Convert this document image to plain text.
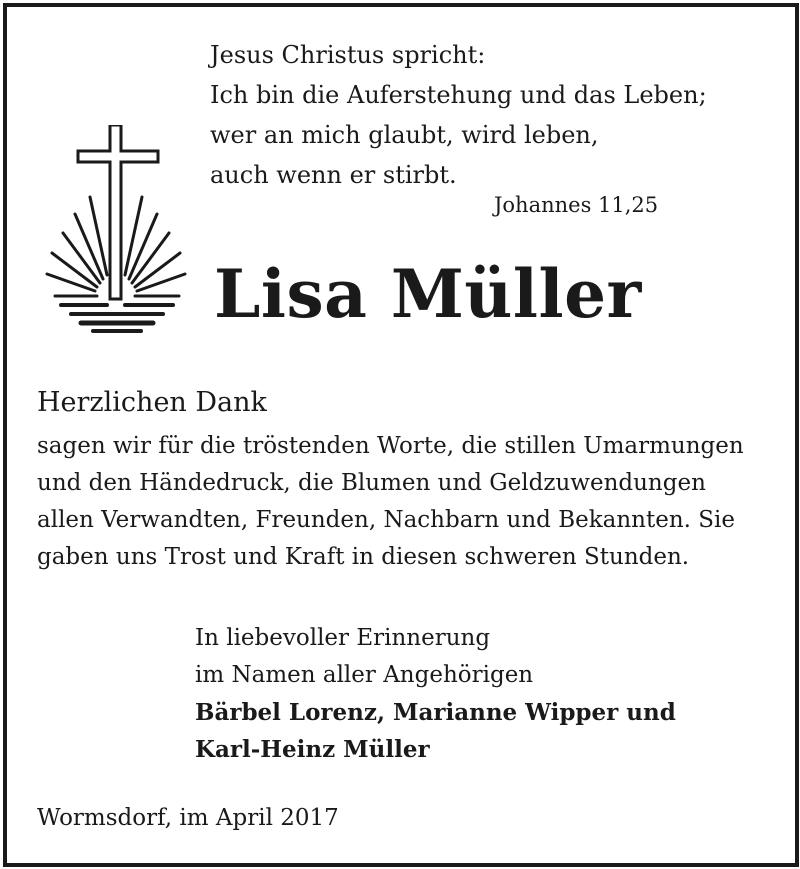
Jesus Christus spricht:
Ich bin die Auferstehung und das Leben;
wer an mich glaubt, wird leben,
auch wenn er stirbt.
Johannes 11,25
Lisa Müller
Herzlichen Dank
sagen wir für die tröstenden Worte, die stillen Umarmungen
und den Händedruck, die Blumen und Geldzuwendungen
allen Verwandten, Freunden, Nachbarn und Bekannten. Sie
gaben uns Trost und Kraft in diesen schweren Stunden.
In liebevoller Erinnerung
im Namen aller Angehörigen
Bärbel Lorenz, Marianne Wipper und
Karl-Heinz Müller
Wormsdorf, im April 2017
